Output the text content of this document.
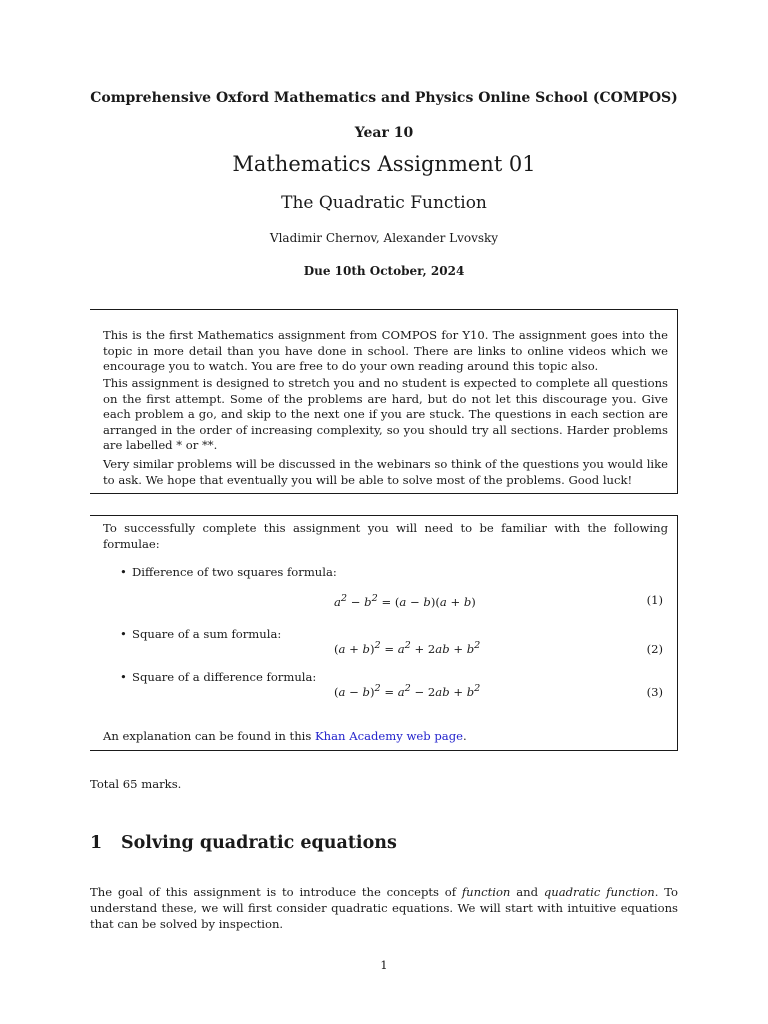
Comprehensive Oxford Mathematics and Physics Online School (COMPOS)
Year 10
Mathematics Assignment 01
The Quadratic Function
Vladimir Chernov, Alexander Lvovsky
Due 10th October, 2024
This is the first Mathematics assignment from COMPOS for Y10. The assignment goes into the topic in more detail than you have done in school. There are links to online videos which we encourage you to watch. You are free to do your own reading around this topic also.
This assignment is designed to stretch you and no student is expected to complete all questions on the first attempt. Some of the problems are hard, but do not let this discourage you. Give each problem a go, and skip to the next one if you are stuck. The questions in each section are arranged in the order of increasing complexity, so you should try all sections. Harder problems are labelled * or **.
Very similar problems will be discussed in the webinars so think of the questions you would like to ask. We hope that eventually you will be able to solve most of the problems. Good luck!
To successfully complete this assignment you will need to be familiar with the following formulae:
• Difference of two squares formula:
$a^2 - b^2 = (a - b)(a + b)$	(1)
• Square of a sum formula:
$(a + b)^2 = a^2 + 2ab + b^2$	(2)
• Square of a difference formula:
$(a - b)^2 = a^2 - 2ab + b^2$	(3)
An explanation can be found in this Khan Academy web page.
Total 65 marks.
1 Solving quadratic equations
The goal of this assignment is to introduce the concepts of function and quadratic function. To understand these, we will first consider quadratic equations. We will start with intuitive equations that can be solved by inspection.
1
